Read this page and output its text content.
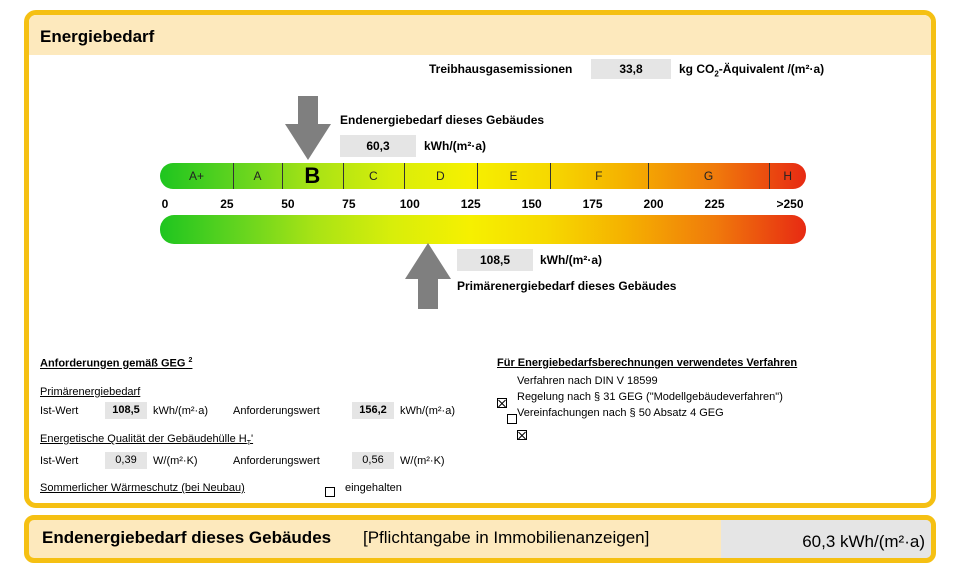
Energiebedarf
Treibhausgasemissionen	33,8	kg $CO_2$-Äquivalent /(m²·a)
Endenergiebedarf dieses Gebäudes
60,3	kWh/(m²·a)
A+	A B	C	D	E	F	G	H
0	25	50	75	100	125	150	175	200	225	>250
108,5	kWh/(m²·a)
Primärenergiebedarf dieses Gebäudes
Anforderungen gemäß GEG $^2$
Primärenergiebedarf
Ist-Wert	108,5	kWh/(m²·a) Anforderungswert	156,2	kWh/(m²·a)
Energetische Qualität der Gebäudehülle $H_T'$
Ist-Wert	0,39	W/(m²·K)	Anforderungswert	0,56	W/(m²·K)
Sommerlicher Wärmeschutz (bei Neubau)	eingehalten
Für Energiebedarfsberechnungen verwendetes Verfahren
Verfahren nach DIN V 18599
Regelung nach § 31 GEG ("Modellgebäudeverfahren")
Vereinfachungen nach § 50 Absatz 4 GEG
Endenergiebedarf dieses Gebäudes [Pflichtangabe in Immobilienanzeigen]	60,3 kWh/(m²·a)
